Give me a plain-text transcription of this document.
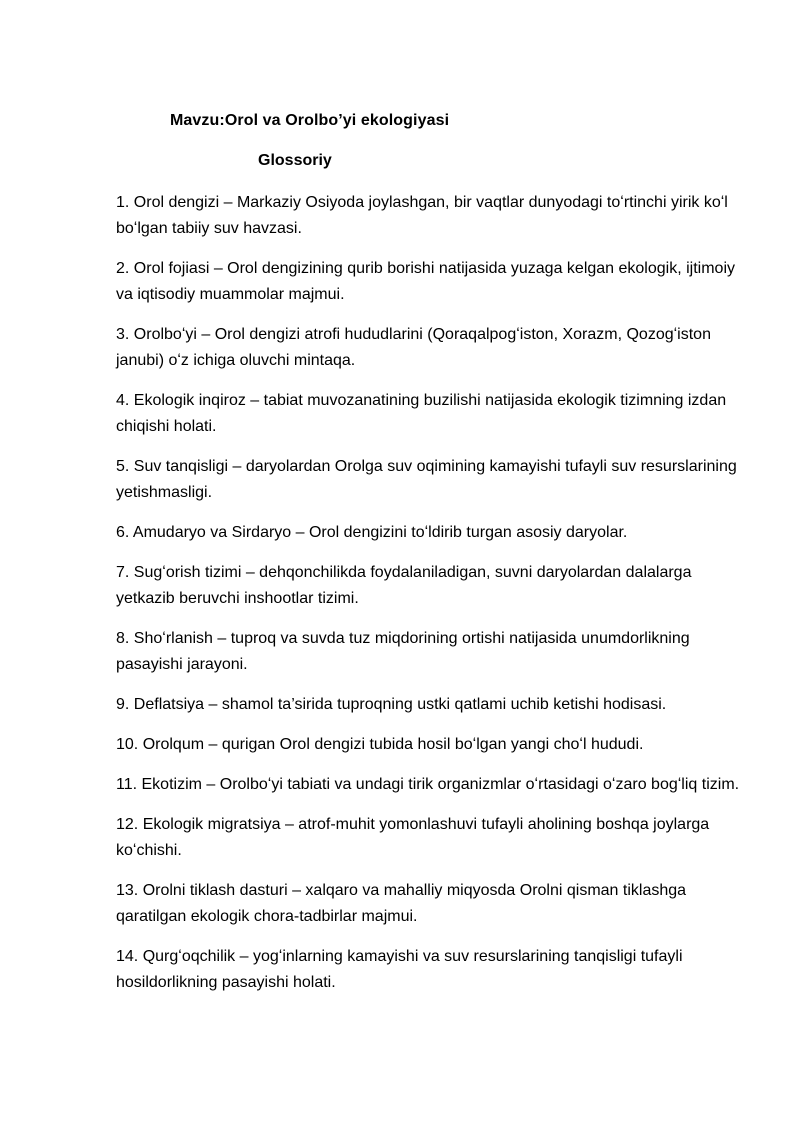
Mavzu:Orol va Orolbo’yi ekologiyasi
Glossoriy
1. Orol dengizi – Markaziy Osiyoda joylashgan, bir vaqtlar dunyodagi toʻrtinchi yirik koʻl boʻlgan tabiiy suv havzasi.
2. Orol fojiasi – Orol dengizining qurib borishi natijasida yuzaga kelgan ekologik, ijtimoiy va iqtisodiy muammolar majmui.
3. Orolboʻyi – Orol dengizi atrofi hududlarini (Qoraqalpogʻiston, Xorazm, Qozogʻiston janubi) oʻz ichiga oluvchi mintaqa.
4. Ekologik inqiroz – tabiat muvozanatining buzilishi natijasida ekologik tizimning izdan chiqishi holati.
5. Suv tanqisligi – daryolardan Orolga suv oqimining kamayishi tufayli suv resurslarining yetishmasligi.
6. Amudaryo va Sirdaryo – Orol dengizini toʻldirib turgan asosiy daryolar.
7. Sugʻorish tizimi – dehqonchilikda foydalaniladigan, suvni daryolardan dalalarga yetkazib beruvchi inshootlar tizimi.
8. Shoʻrlanish – tuproq va suvda tuz miqdorining ortishi natijasida unumdorlikning pasayishi jarayoni.
9. Deflatsiya – shamol ta’sirida tuproqning ustki qatlami uchib ketishi hodisasi.
10. Orolqum – qurigan Orol dengizi tubida hosil boʻlgan yangi choʻl hududi.
11. Ekotizim – Orolboʻyi tabiati va undagi tirik organizmlar oʻrtasidagi oʻzaro bogʻliq tizim.
12. Ekologik migratsiya – atrof-muhit yomonlashuvi tufayli aholining boshqa joylarga koʻchishi.
13. Orolni tiklash dasturi – xalqaro va mahalliy miqyosda Orolni qisman tiklashga qaratilgan ekologik chora-tadbirlar majmui.
14. Qurgʻoqchilik – yogʻinlarning kamayishi va suv resurslarining tanqisligi tufayli hosildorlikning pasayishi holati.
